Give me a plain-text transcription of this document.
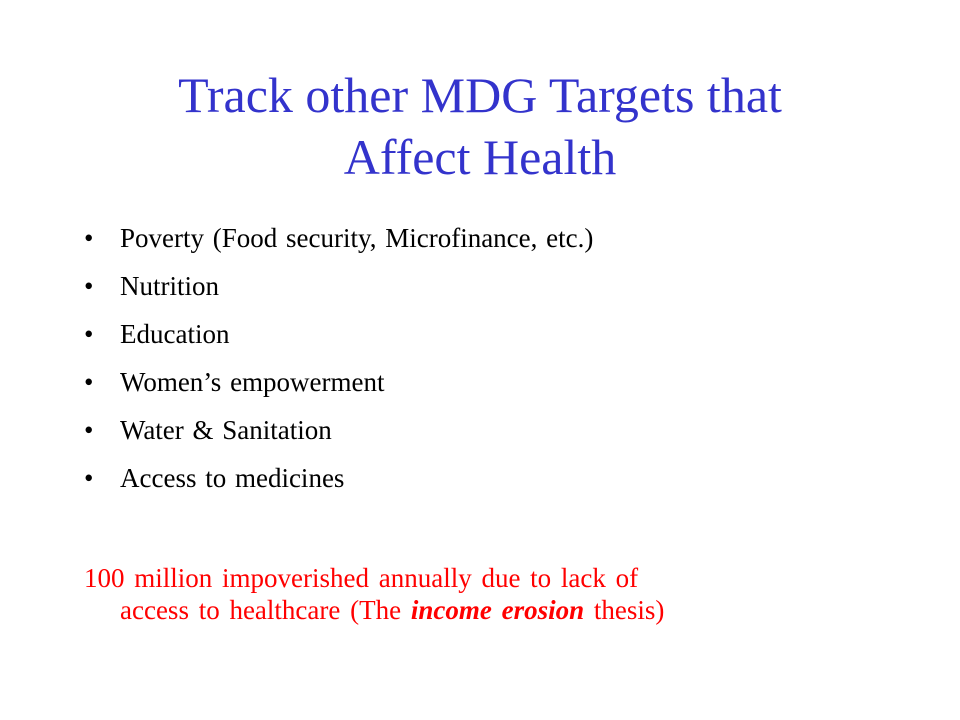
Track other MDG Targets that
Affect Health
• Poverty (Food security, Microfinance, etc.)
• Nutrition
• Education
• Women’s empowerment
• Water & Sanitation
• Access to medicines
100 million impoverished annually due to lack of
access to healthcare (The income erosion thesis)
